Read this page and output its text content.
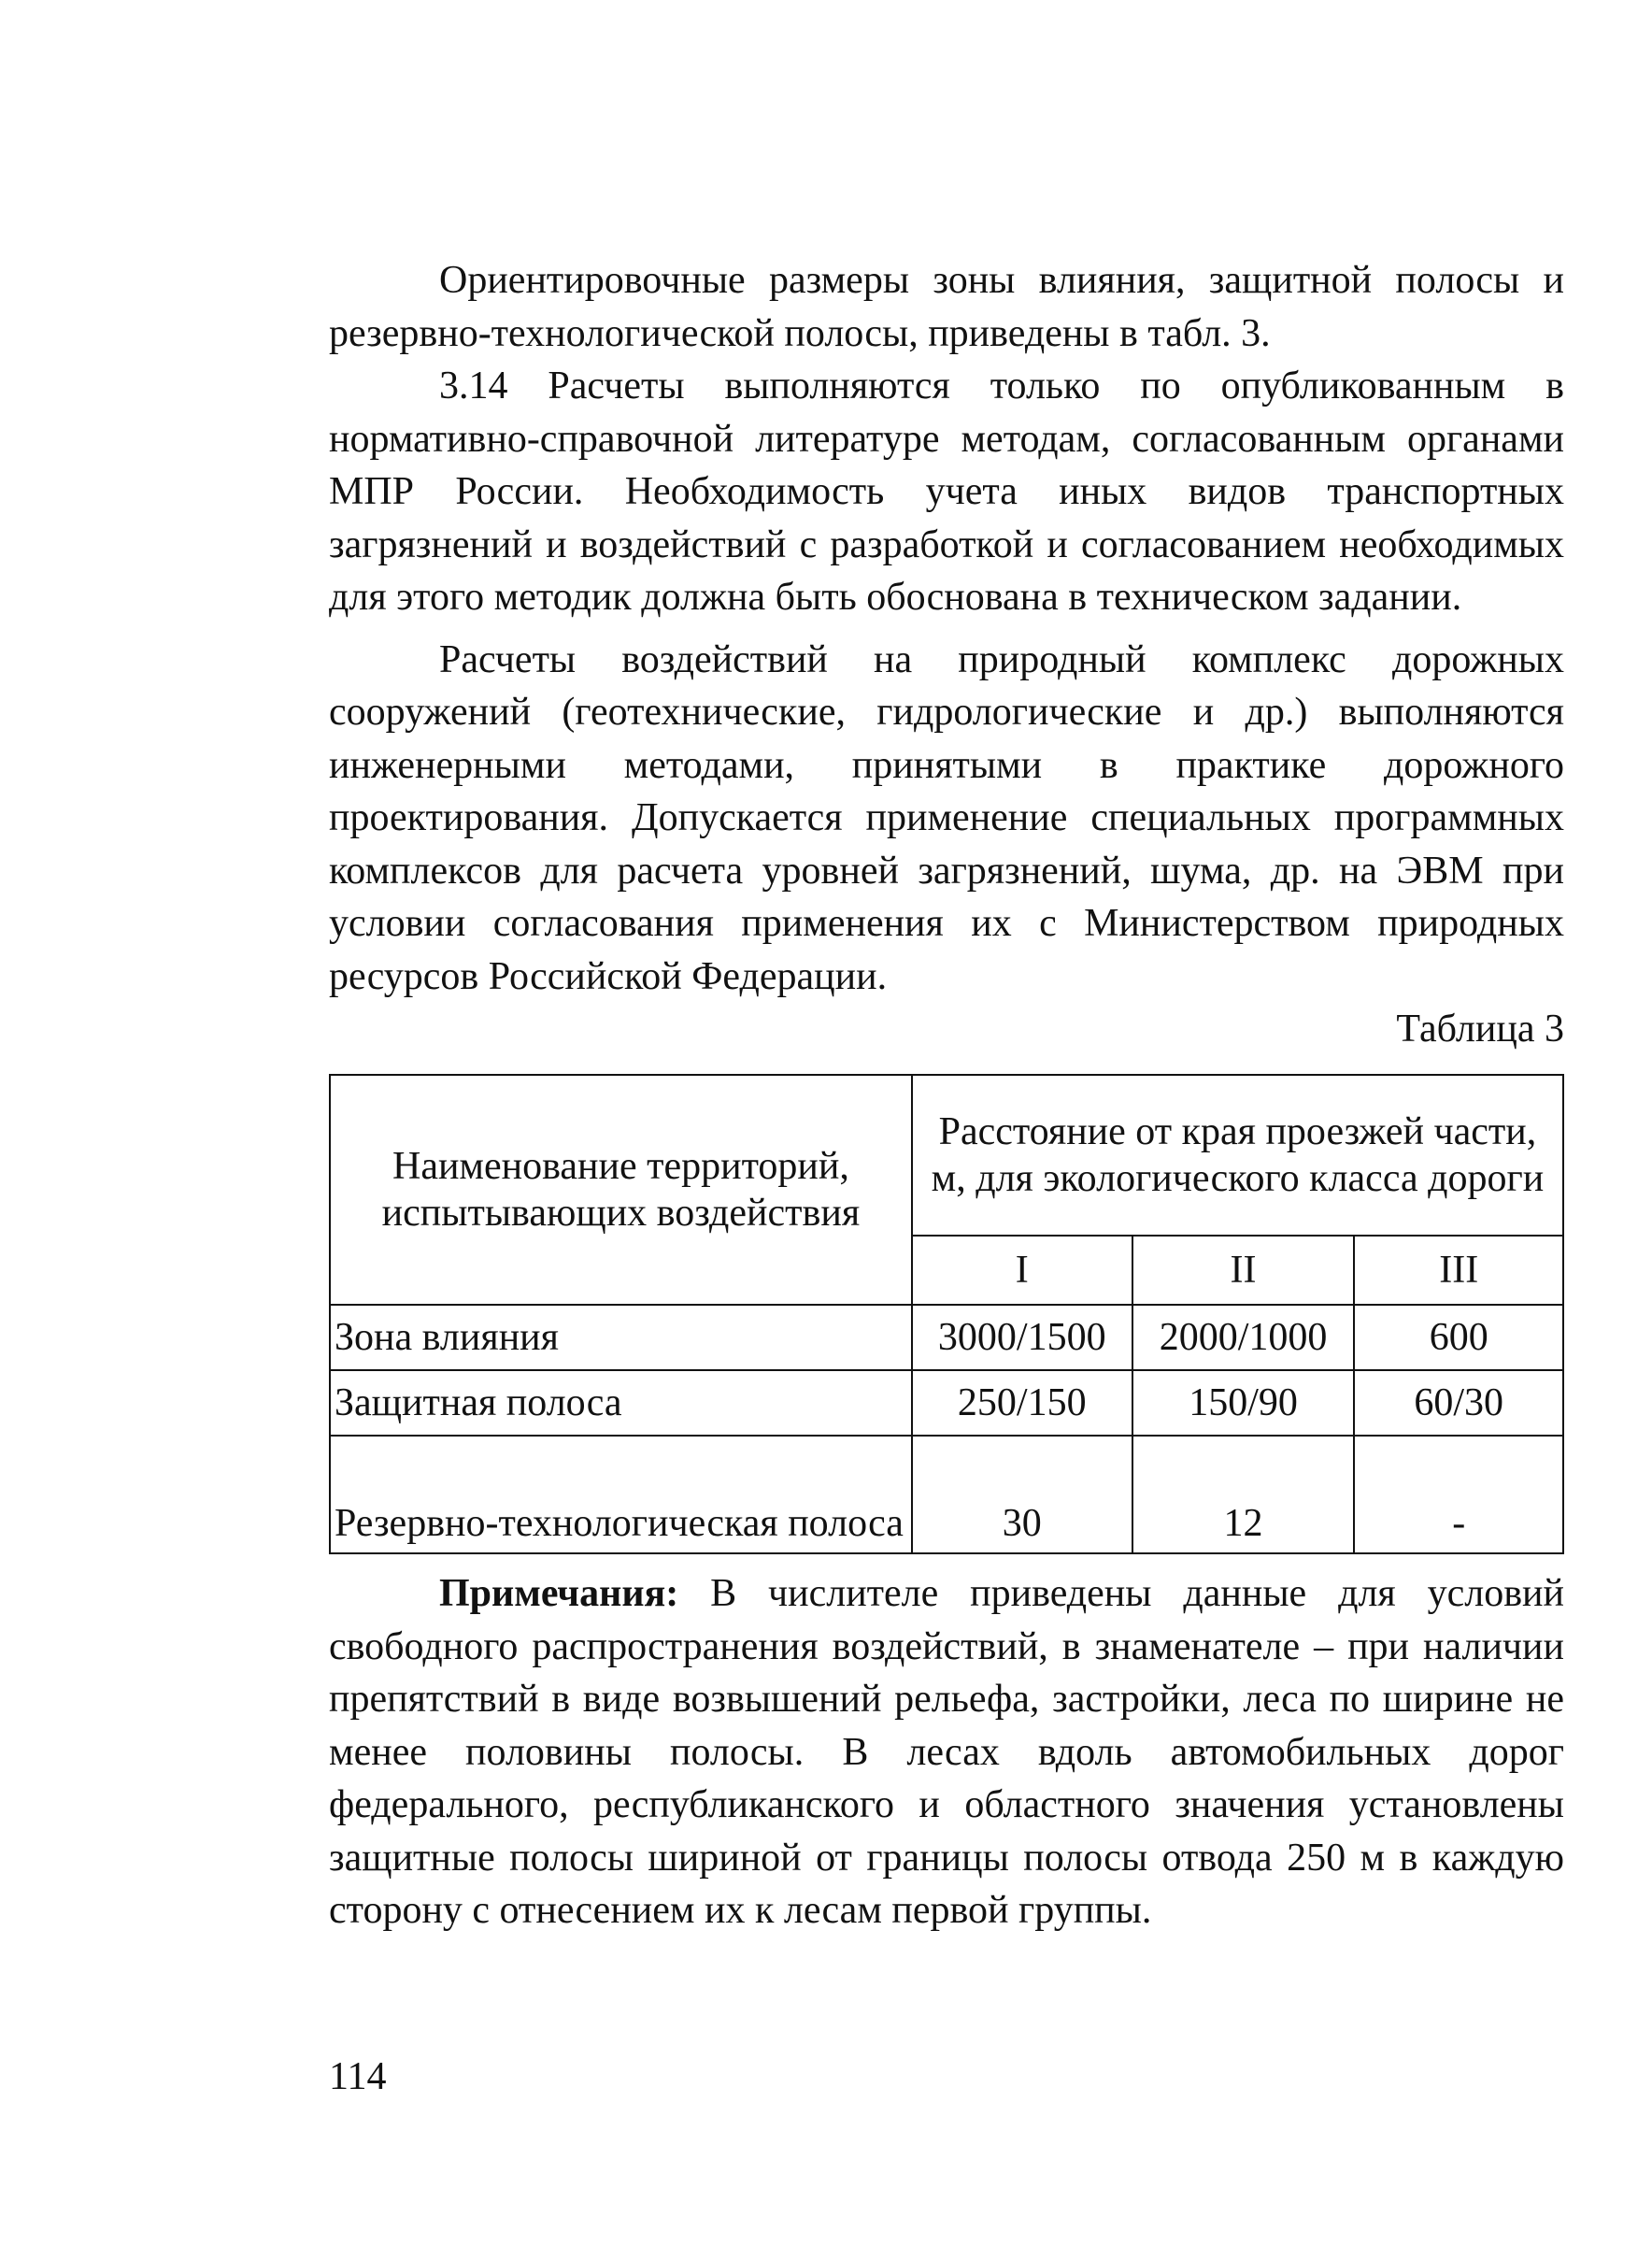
Ориентировочные размеры зоны влияния, защитной полосы и резервно-технологической полосы, приведены в табл. 3.

3.14 Расчеты выполняются только по опубликованным в нормативно-справочной литературе методам, согласованным органами МПР России. Необходимость учета иных видов транспортных загрязнений и воздействий с разработкой и согласованием необходимых для этого методик должна быть обоснована в техническом задании.

Расчеты воздействий на природный комплекс дорожных сооружений (геотехнические, гидрологические и др.) выполняются инженерными методами, принятыми в практике дорожного проектирования. Допускается применение специальных программных комплексов для расчета уровней загрязнений, шума, др. на ЭВМ при условии согласования применения их с Министерством природных ресурсов Российской Федерации.

Таблица 3

Наименование территорий, испытывающих воздействия	Расстояние от края проезжей части, м, для экологического класса дороги		
	I	II	III
Зона влияния	3000/1500	2000/1000	600
Защитная полоса	250/150	150/90	60/30
Резервно-технологическая полоса	30	12	-

Примечания: В числителе приведены данные для условий свободного распространения воздействий, в знаменателе – при наличии препятствий в виде возвышений рельефа, застройки, леса по ширине не менее половины полосы. В лесах вдоль автомобильных дорог федерального, республиканского и областного значения установлены защитные полосы шириной от границы полосы отвода 250 м в каждую сторону с отнесением их к лесам первой группы.

114
